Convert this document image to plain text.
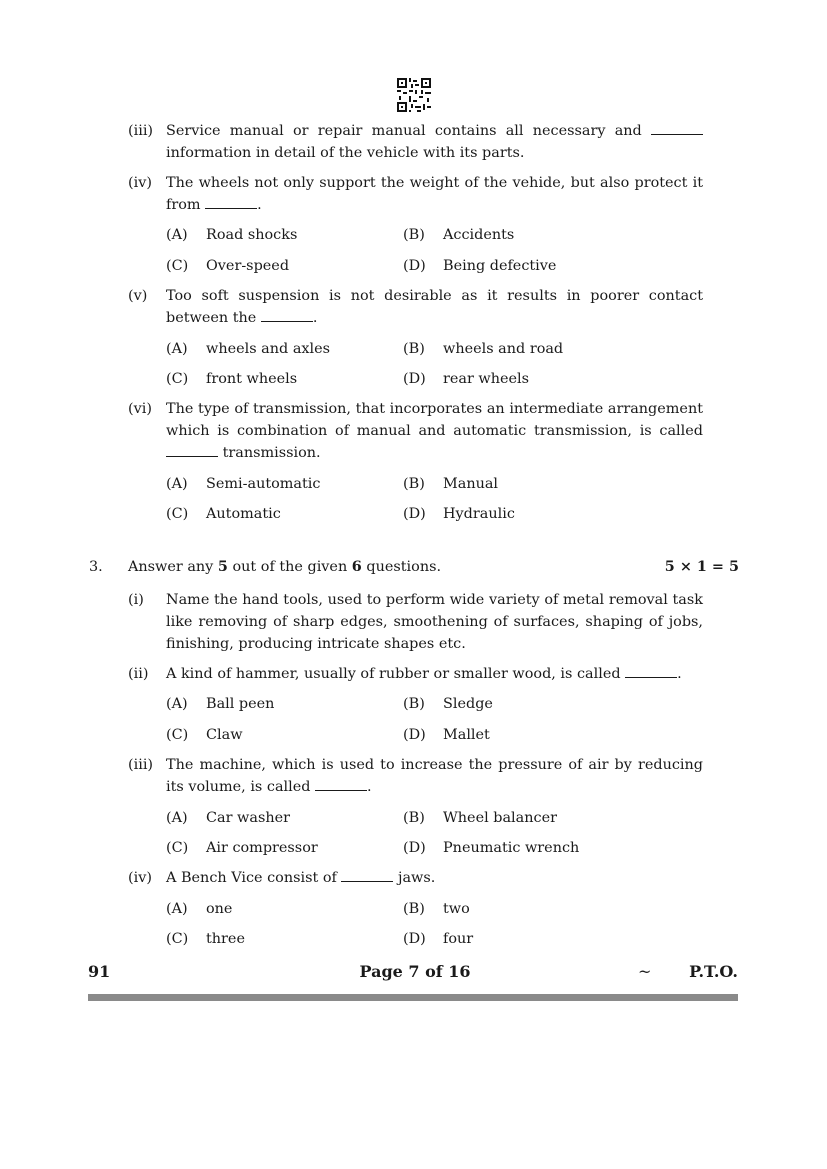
(iii) Service manual or repair manual contains all necessary and
information in detail of the vehicle with its parts.
(iv) The wheels not only support the weight of the vehide, but also protect it from	.
(A) Road shocks	(B) Accidents
(C) Over-speed	(D) Being defective
(v)	Too soft suspension is not desirable as it results in poorer contact between the	.
(A) wheels and axles	(B) wheels and road
(C) front wheels	(D) rear wheels
(vi) The type of transmission, that incorporates an intermediate arrangement which is combination of manual and automatic transmission, is called  transmission.
(A) Semi-automatic	(B) Manual
(C) Automatic	(D) Hydraulic
3. Answer any 5 out of the given 6 questions.	5 × 1 = 5
(i)	Name the hand tools, used to perform wide variety of metal removal task like removing of sharp edges, smoothening of surfaces, shaping of jobs, finishing, producing intricate shapes etc.
(ii)	A kind of hammer, usually of rubber or smaller wood, is called	.
(A) Ball peen	(B) Sledge
(C) Claw	(D) Mallet
(iii) The machine, which is used to increase the pressure of air by reducing its volume, is called	.
(A) Car washer	(B) Wheel balancer
(C) Air compressor	(D) Pneumatic wrench
(iv) A Bench Vice consist of	jaws.
(A) one	(B) two
(C) three	(D) four
91	Page 7 of 16	~	P.T.O.
